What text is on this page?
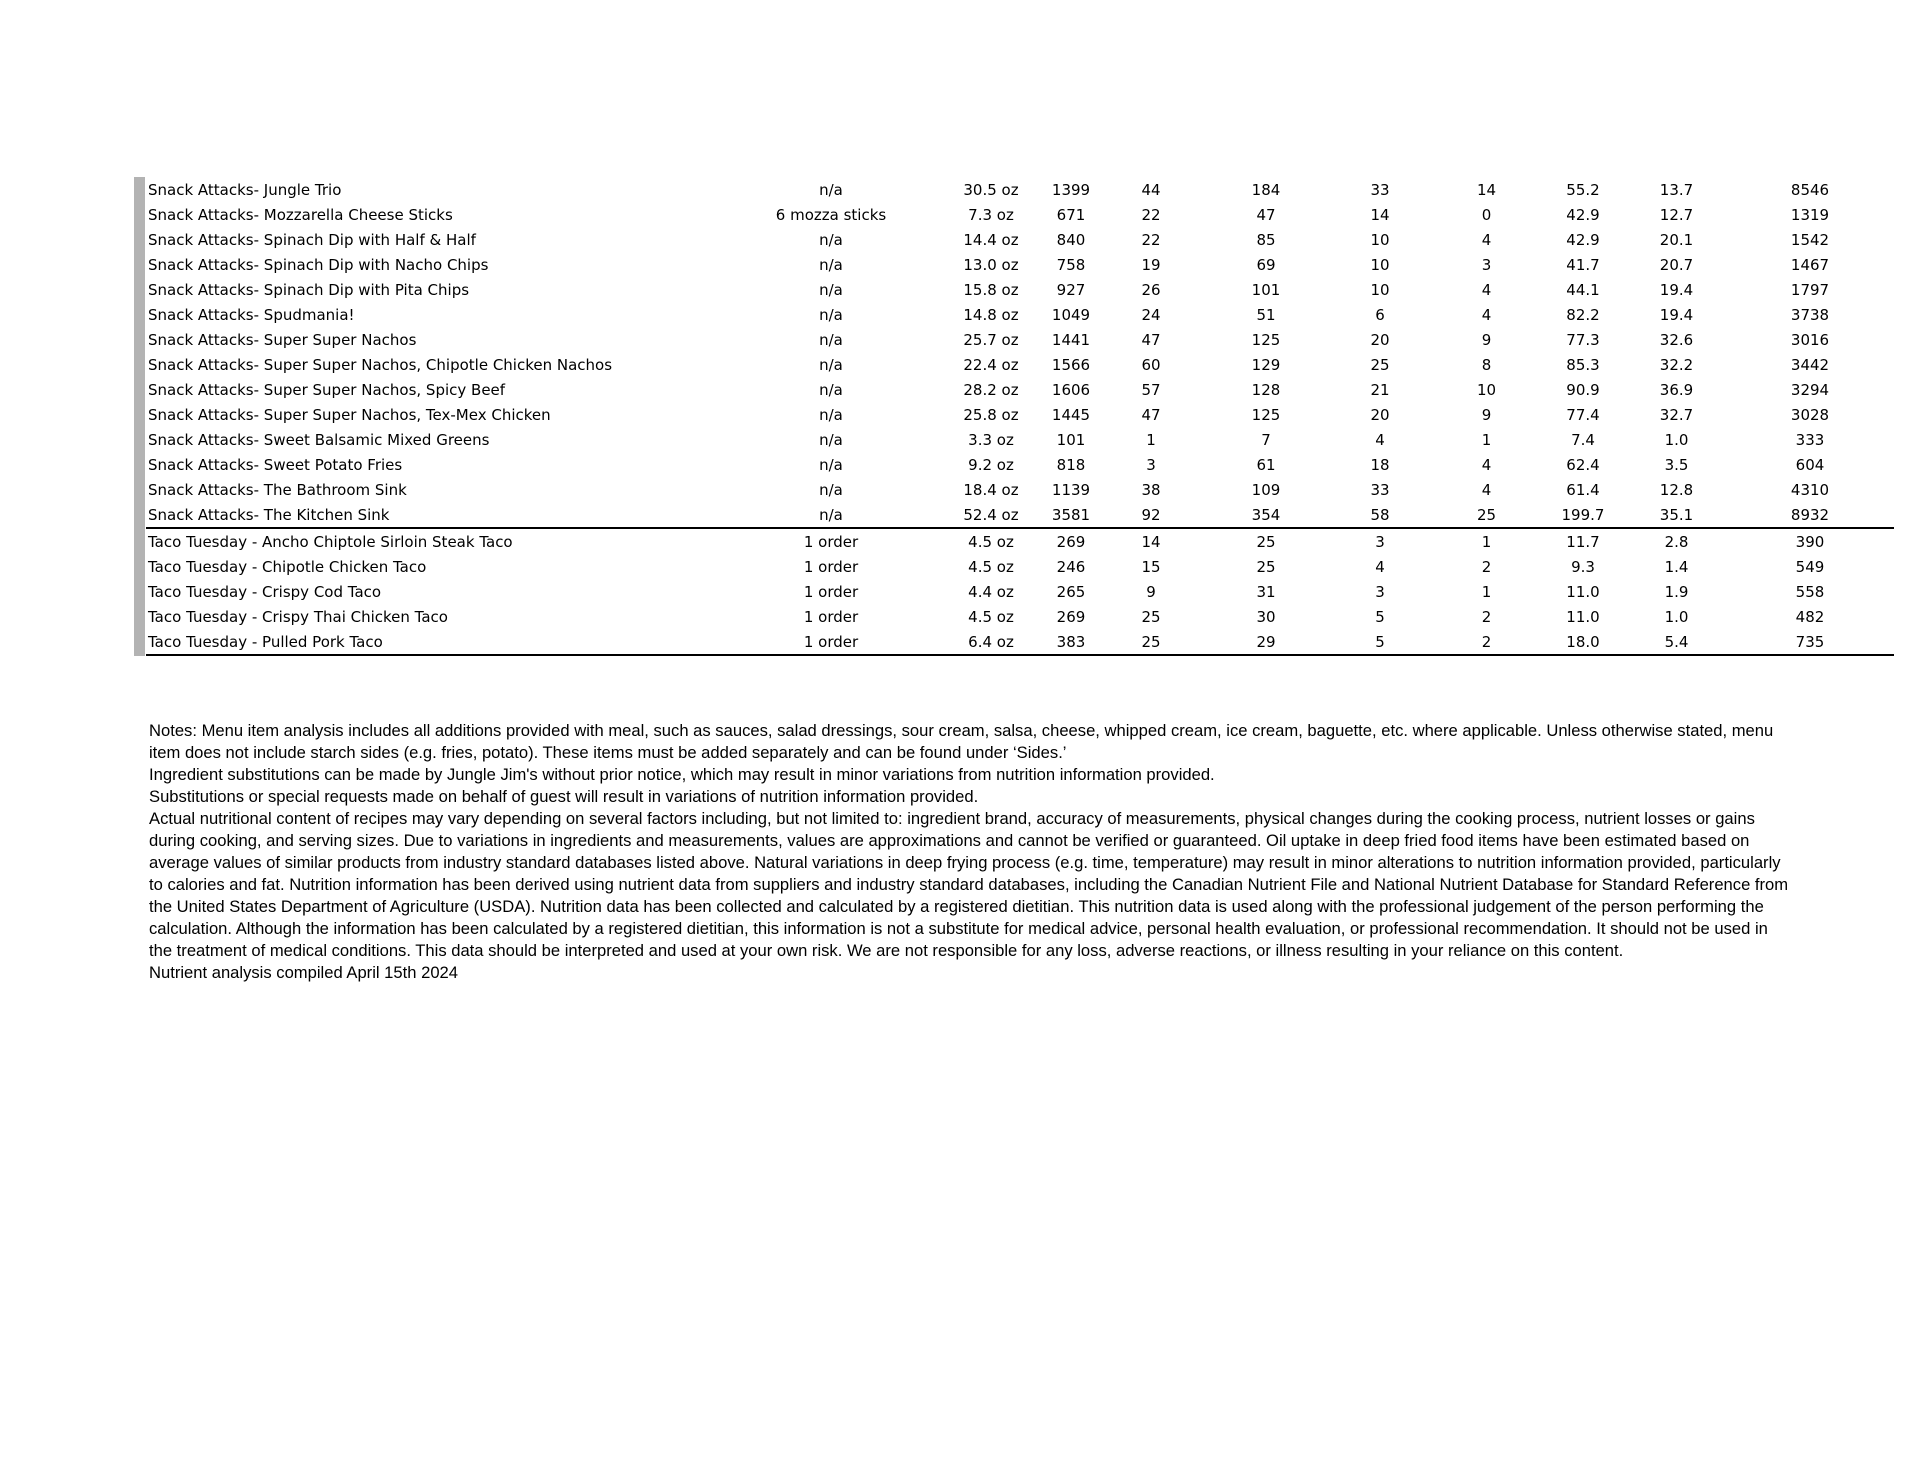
Snack Attacks- Jungle Trio	n/a	30.5 oz	1399	44	184	33	14	55.2	13.7	8546
Snack Attacks- Mozzarella Cheese Sticks	6 mozza sticks	7.3 oz	671	22	47	14	0	42.9	12.7	1319
Snack Attacks- Spinach Dip with Half & Half	n/a	14.4 oz	840	22	85	10	4	42.9	20.1	1542
Snack Attacks- Spinach Dip with Nacho Chips	n/a	13.0 oz	758	19	69	10	3	41.7	20.7	1467
Snack Attacks- Spinach Dip with Pita Chips	n/a	15.8 oz	927	26	101	10	4	44.1	19.4	1797
Snack Attacks- Spudmania!	n/a	14.8 oz	1049	24	51	6	4	82.2	19.4	3738
Snack Attacks- Super Super Nachos	n/a	25.7 oz	1441	47	125	20	9	77.3	32.6	3016
Snack Attacks- Super Super Nachos, Chipotle Chicken Nachos	n/a	22.4 oz	1566	60	129	25	8	85.3	32.2	3442
Snack Attacks- Super Super Nachos, Spicy Beef	n/a	28.2 oz	1606	57	128	21	10	90.9	36.9	3294
Snack Attacks- Super Super Nachos, Tex-Mex Chicken	n/a	25.8 oz	1445	47	125	20	9	77.4	32.7	3028
Snack Attacks- Sweet Balsamic Mixed Greens	n/a	3.3 oz	101	1	7	4	1	7.4	1.0	333
Snack Attacks- Sweet Potato Fries	n/a	9.2 oz	818	3	61	18	4	62.4	3.5	604
Snack Attacks- The Bathroom Sink	n/a	18.4 oz	1139	38	109	33	4	61.4	12.8	4310
Snack Attacks- The Kitchen Sink	n/a	52.4 oz	3581	92	354	58	25	199.7	35.1	8932
Taco Tuesday - Ancho Chiptole Sirloin Steak Taco	1 order	4.5 oz	269	14	25	3	1	11.7	2.8	390
Taco Tuesday - Chipotle Chicken Taco	1 order	4.5 oz	246	15	25	4	2	9.3	1.4	549
Taco Tuesday - Crispy Cod Taco	1 order	4.4 oz	265	9	31	3	1	11.0	1.9	558
Taco Tuesday - Crispy Thai Chicken Taco	1 order	4.5 oz	269	25	30	5	2	11.0	1.0	482
Taco Tuesday - Pulled Pork Taco	1 order	6.4 oz	383	25	29	5	2	18.0	5.4	735

Notes: Menu item analysis includes all additions provided with meal, such as sauces, salad dressings, sour cream, salsa, cheese, whipped cream, ice cream, baguette, etc. where applicable. Unless otherwise stated, menu item does not include starch sides (e.g. fries, potato). These items must be added separately and can be found under ‘Sides.’

Ingredient substitutions can be made by Jungle Jim's without prior notice, which may result in minor variations from nutrition information provided.

Substitutions or special requests made on behalf of guest will result in variations of nutrition information provided.

Actual nutritional content of recipes may vary depending on several factors including, but not limited to: ingredient brand, accuracy of measurements, physical changes during the cooking process, nutrient losses or gains during cooking, and serving sizes. Due to variations in ingredients and measurements, values are approximations and cannot be verified or guaranteed. Oil uptake in deep fried food items have been estimated based on average values of similar products from industry standard databases listed above. Natural variations in deep frying process (e.g. time, temperature) may result in minor alterations to nutrition information provided, particularly to calories and fat. Nutrition information has been derived using nutrient data from suppliers and industry standard databases, including the Canadian Nutrient File and National Nutrient Database for Standard Reference from the United States Department of Agriculture (USDA). Nutrition data has been collected and calculated by a registered dietitian. This nutrition data is used along with the professional judgement of the person performing the calculation. Although the information has been calculated by a registered dietitian, this information is not a substitute for medical advice, personal health evaluation, or professional recommendation. It should not be used in the treatment of medical conditions. This data should be interpreted and used at your own risk. We are not responsible for any loss, adverse reactions, or illness resulting in your reliance on this content.

Nutrient analysis compiled April 15th 2024
